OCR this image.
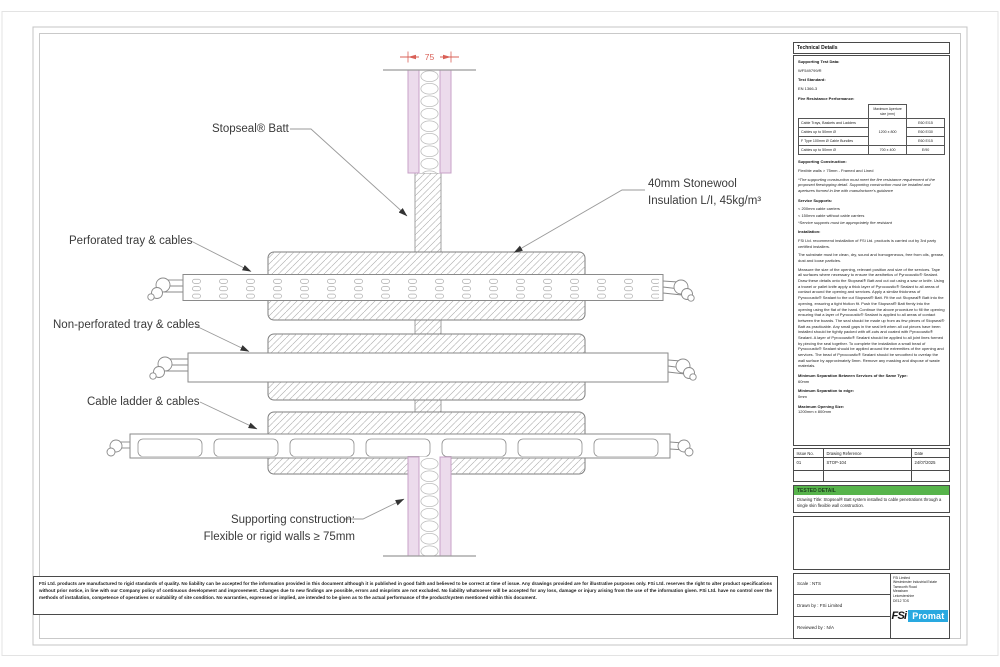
75
Stopseal® Batt
40mm Stonewool
Insulation L/I, 45kg/m³
Perforated tray & cables
Non-perforated tray & cables
Cable ladder & cables
Supporting construction:
Flexible or rigid walls ≥ 75mm
Technical Details
Supporting Test Data:
WF549799/R
Test Standard:
EN 1366-3
Fire Resistance Performance:
	Maximum Aperture size (mm)	
Cable Trays, Baskets and Ladders	1200 x 800	E60 E/15
Cables up to 50mm Ø		E60 E/30
F Type 100mm Ø Cable Bundles		E60 E/15
Cables up to 50mm Ø	700 x 400	E/90
Supporting Construction:
Flexible walls > 75mm - Framed and Lined
*The supporting construction must meet the fire resistance requirement of the proposed firestopping detail. Supporting construction must be installed and apertures formed in line with manufacturer's guidance
Service Supports:
< 200mm cable carriers
< 150mm cable without cable carriers
*Service supports must be appropriately fire resistant
Installation:
FSi Ltd. recommend installation of FSi Ltd. products is carried out by 3rd party certified installers.
The substrate must be clean, dry, sound and homogeneous, free from oils, grease, dust and loose particles.
Measure the size of the opening, relevant position and size of the services. Tape all surfaces where necessary to ensure the aesthetics of Pyrocoustic® Sealant. Draw these details onto the Stopseal® Batt and cut out using a saw or knife. Using a trowel or pallet knife apply a thick layer of Pyrocoustic® Sealant to all areas of contact around the opening and services. Apply a similar thickness of Pyrocoustic® Sealant to the cut Stopseal® Batt. Fit the cut Stopseal® Batt into the opening, ensuring a tight friction fit. Push the Stopseal® Batt firmly into the opening using the flat of the hand. Continue the above procedure to fill the opening ensuring that a layer of Pyrocoustic® Sealant is applied to all areas of contact between the boards. The seal should be made up from as few pieces of Stopseal® Batt as practicable. Any small gaps in the seal left when all cut pieces have been installed should be tightly packed with off-cuts and coated with Pyrocoustic® Sealant. A layer of Pyrocoustic® Sealant should be applied to all joint lines formed by piecing the seal together. To complete the installation a small bead of Pyrocoustic® Sealant should be applied around the extremities of the opening and services. The bead of Pyrocoustic® Sealant should be smoothed to overlap the wall surface by approximately 5mm. Remove any masking and dispose of waste materials.
Minimum Separation Between Services of the Same Type:
60mm
Minimum Separation to edge:
0mm
Maximum Opening Size:
1200mm x 800mm
Issue No.	Drawing Reference	Date
01	STOP-104	24/07/2025

TESTED DETAIL
Drawing Title: Stopseal® Batt system installed to cable penetrations through a single skin flexible wall construction.
Scale : NTS	
FSi Limited
Westminster Industrial Estate
Tamworth Road
Measham
Leicestershire
DE12 7DS
FSi Promat

Drawn by : FSi Limited
Reviewed by : N/A
FSi Ltd. products are manufactured to rigid standards of quality. No liability can be accepted for the information provided in this document although it is published in good faith and believed to be correct at time of issue. Any drawings provided are for illustrative purposes only. FSi Ltd. reserves the right to alter product specifications without prior notice, in line with our Company policy of continuous development and improvement. Changes due to new findings are possible, errors and misprints are not excluded. No liability whatsoever will be accepted for any loss, damage or injury arising from the use of the information given. FSi Ltd. have no control over the methods of installation, competence of operatives or suitability of site condition. No warranties, expressed or implied, are intended to be given as to the actual performance of the product/system mentioned within this document.
